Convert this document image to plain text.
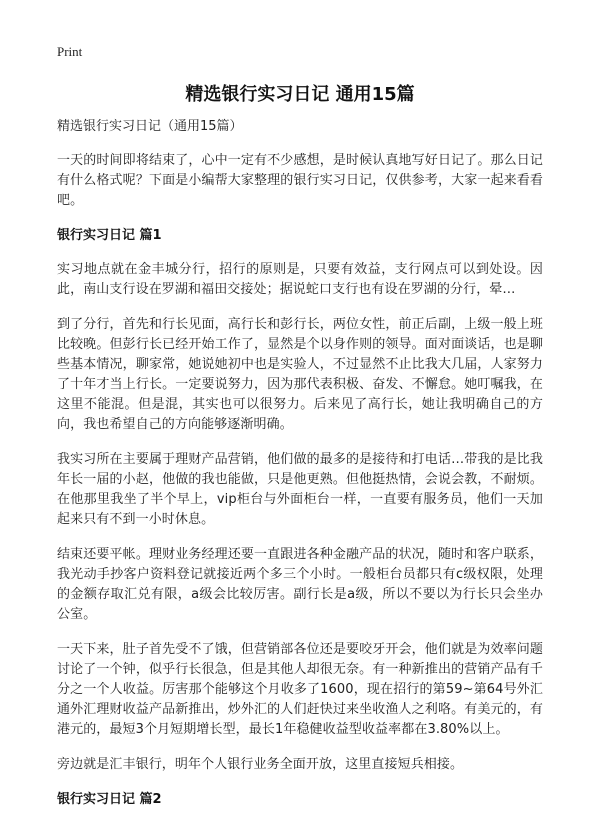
Print
精选银行实习日记 通用15篇

精选银行实习日记（通用15篇）

一天的时间即将结束了，心中一定有不少感想，是时候认真地写好日记了。那么日记有什么格式呢？下面是小编帮大家整理的银行实习日记，仅供参考，大家一起来看看吧。

银行实习日记 篇1

实习地点就在金丰城分行，招行的原则是，只要有效益，支行网点可以到处设。因此，南山支行设在罗湖和福田交接处；据说蛇口支行也有设在罗湖的分行，晕…

到了分行，首先和行长见面，高行长和彭行长，两位女性，前正后副，上级一般上班比较晚。但彭行长已经开始工作了，显然是个以身作则的领导。面对面谈话，也是聊些基本情况，聊家常，她说她初中也是实验人，不过显然不止比我大几届，人家努力了十年才当上行长。一定要说努力，因为那代表积极、奋发、不懈怠。她叮嘱我，在这里不能混。但是混，其实也可以很努力。后来见了高行长，她让我明确自己的方向，我也希望自己的方向能够逐渐明确。

我实习所在主要属于理财产品营销，他们做的最多的是接待和打电话…带我的是比我年长一届的小赵，他做的我也能做，只是他更熟。但他挺热情，会说会教，不耐烦。在他那里我坐了半个早上，vip柜台与外面柜台一样，一直要有服务员，他们一天加起来只有不到一小时休息。

结束还要平帐。理财业务经理还要一直跟进各种金融产品的状况，随时和客户联系，我光动手抄客户资料登记就接近两个多三个小时。一般柜台员都只有c级权限，处理的金额存取汇兑有限，a级会比较厉害。副行长是a级，所以不要以为行长只会坐办公室。

一天下来，肚子首先受不了饿，但营销部各位还是要咬牙开会，他们就是为效率问题讨论了一个钟，似乎行长很急，但是其他人却很无奈。有一种新推出的营销产品有千分之一个人收益。厉害那个能够这个月收多了1600，现在招行的第59~第64号外汇通外汇理财收益产品新推出，炒外汇的人们赶快过来坐收渔人之利咯。有美元的，有港元的，最短3个月短期增长型，最长1年稳健收益型收益率都在3.80%以上。

旁边就是汇丰银行，明年个人银行业务全面开放，这里直接短兵相接。

银行实习日记 篇2
